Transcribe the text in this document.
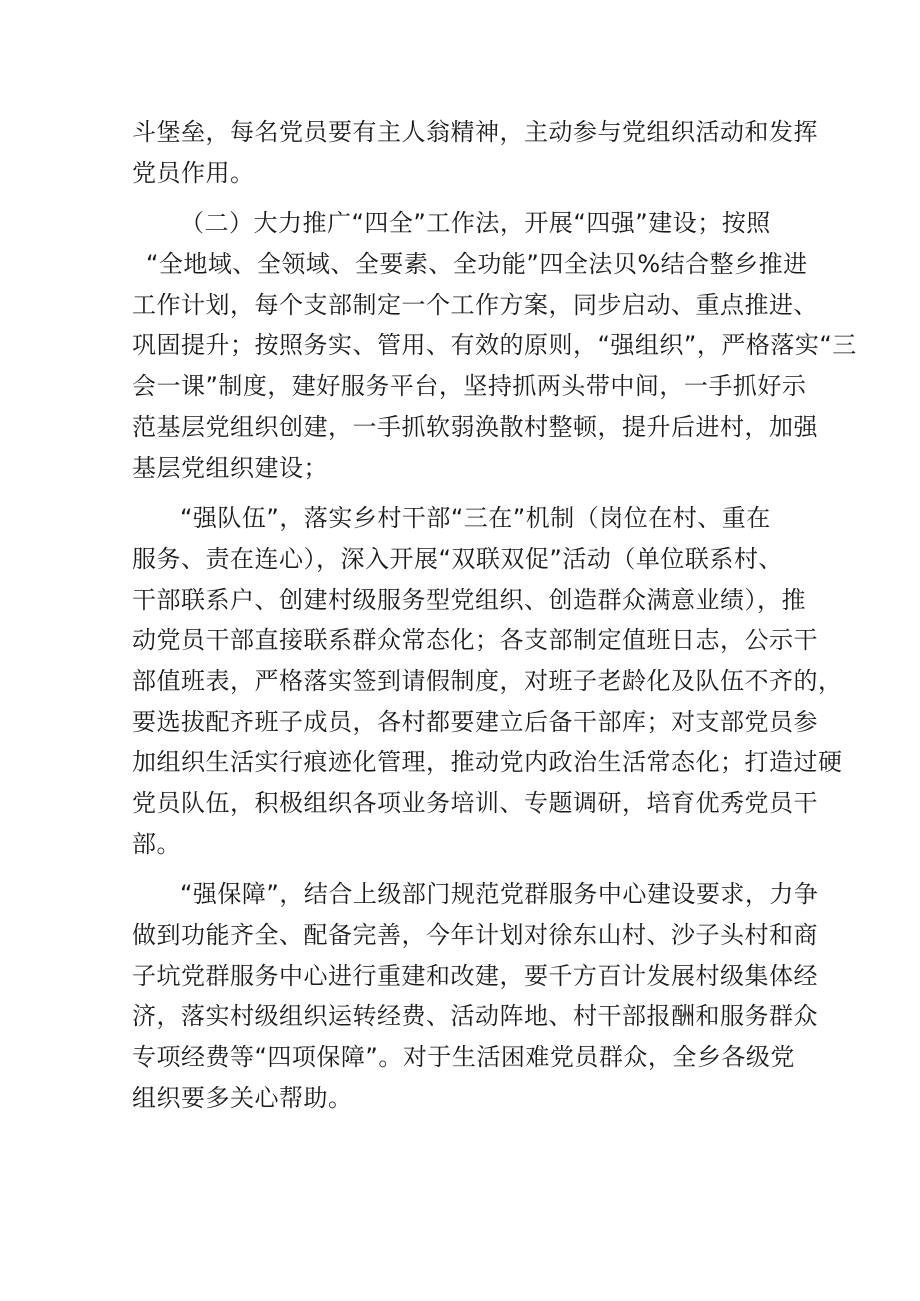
斗堡垒，每名党员要有主人翁精神，主动参与党组织活动和发挥
党员作用。
（二）大力推广“四全”工作法，开展“四强”建设；按照
“全地域、全领域、全要素、全功能”四全法贝%结合整乡推进
工作计划，每个支部制定一个工作方案，同步启动、重点推进、
巩固提升；按照务实、管用、有效的原则，“强组织”，严格落实“三
会一课”制度，建好服务平台，坚持抓两头带中间，一手抓好示
范基层党组织创建，一手抓软弱涣散村整顿，提升后进村，加强
基层党组织建设；
“强队伍”，落实乡村干部“三在”机制（岗位在村、重在
服务、责在连心），深入开展“双联双促”活动（单位联系村、
干部联系户、创建村级服务型党组织、创造群众满意业绩），推
动党员干部直接联系群众常态化；各支部制定值班日志，公示干
部值班表，严格落实签到请假制度，对班子老龄化及队伍不齐的，
要选拔配齐班子成员，各村都要建立后备干部库；对支部党员参
加组织生活实行痕迹化管理，推动党内政治生活常态化；打造过硬
党员队伍，积极组织各项业务培训、专题调研，培育优秀党员干
部。
“强保障”，结合上级部门规范党群服务中心建设要求，力争
做到功能齐全、配备完善，今年计划对徐东山村、沙子头村和商
子坑党群服务中心进行重建和改建，要千方百计发展村级集体经
济，落实村级组织运转经费、活动阵地、村干部报酬和服务群众
专项经费等“四项保障”。对于生活困难党员群众，全乡各级党
组织要多关心帮助。
